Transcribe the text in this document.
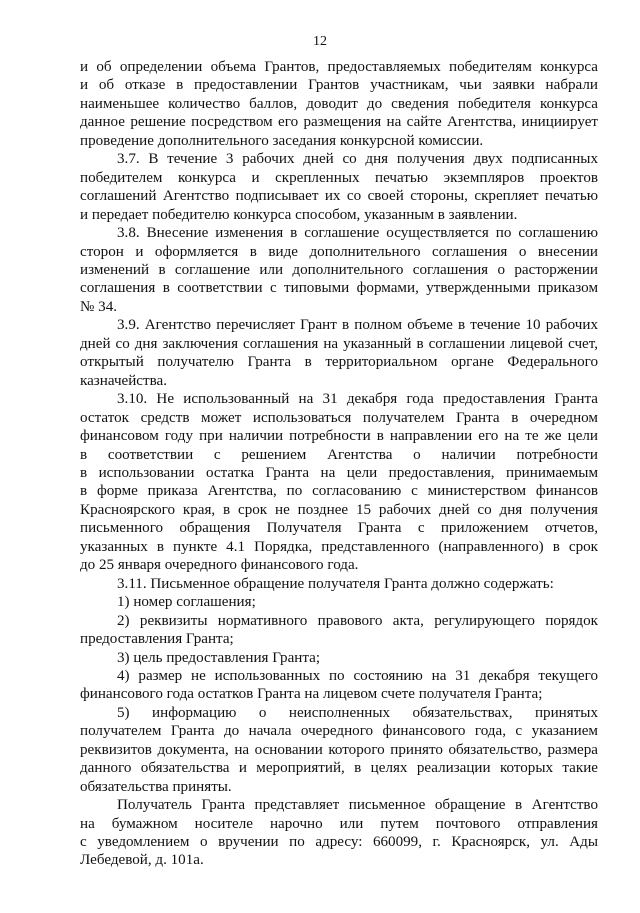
12
и об определении объема Грантов, предоставляемых победителям конкурса
и об отказе в предоставлении Грантов участникам, чьи заявки набрали
наименьшее количество баллов, доводит до сведения победителя конкурса
данное решение посредством его размещения на сайте Агентства, инициирует
проведение дополнительного заседания конкурсной комиссии.
3.7. В течение 3 рабочих дней со дня получения двух подписанных
победителем конкурса и скрепленных печатью экземпляров проектов
соглашений Агентство подписывает их со своей стороны, скрепляет печатью
и передает победителю конкурса способом, указанным в заявлении.
3.8. Внесение изменения в соглашение осуществляется по соглашению
сторон и оформляется в виде дополнительного соглашения о внесении
изменений в соглашение или дополнительного соглашения о расторжении
соглашения в соответствии с типовыми формами, утвержденными приказом
№ 34.
3.9. Агентство перечисляет Грант в полном объеме в течение 10 рабочих
дней со дня заключения соглашения на указанный в соглашении лицевой счет,
открытый получателю Гранта в территориальном органе Федерального
казначейства.
3.10. Не использованный на 31 декабря года предоставления Гранта
остаток средств может использоваться получателем Гранта в очередном
финансовом году при наличии потребности в направлении его на те же цели
в соответствии с решением Агентства о наличии потребности
в использовании остатка Гранта на цели предоставления, принимаемым
в форме приказа Агентства, по согласованию с министерством финансов
Красноярского края, в срок не позднее 15 рабочих дней со дня получения
письменного обращения Получателя Гранта с приложением отчетов,
указанных в пункте 4.1 Порядка, представленного (направленного) в срок
до 25 января очередного финансового года.
3.11. Письменное обращение получателя Гранта должно содержать:
1) номер соглашения;
2) реквизиты нормативного правового акта, регулирующего порядок
предоставления Гранта;
3) цель предоставления Гранта;
4) размер не использованных по состоянию на 31 декабря текущего
финансового года остатков Гранта на лицевом счете получателя Гранта;
5) информацию о неисполненных обязательствах, принятых
получателем Гранта до начала очередного финансового года, с указанием
реквизитов документа, на основании которого принято обязательство, размера
данного обязательства и мероприятий, в целях реализации которых такие
обязательства приняты.
Получатель Гранта представляет письменное обращение в Агентство
на бумажном носителе нарочно или путем почтового отправления
с уведомлением о вручении по адресу: 660099, г. Красноярск, ул. Ады
Лебедевой, д. 101а.
